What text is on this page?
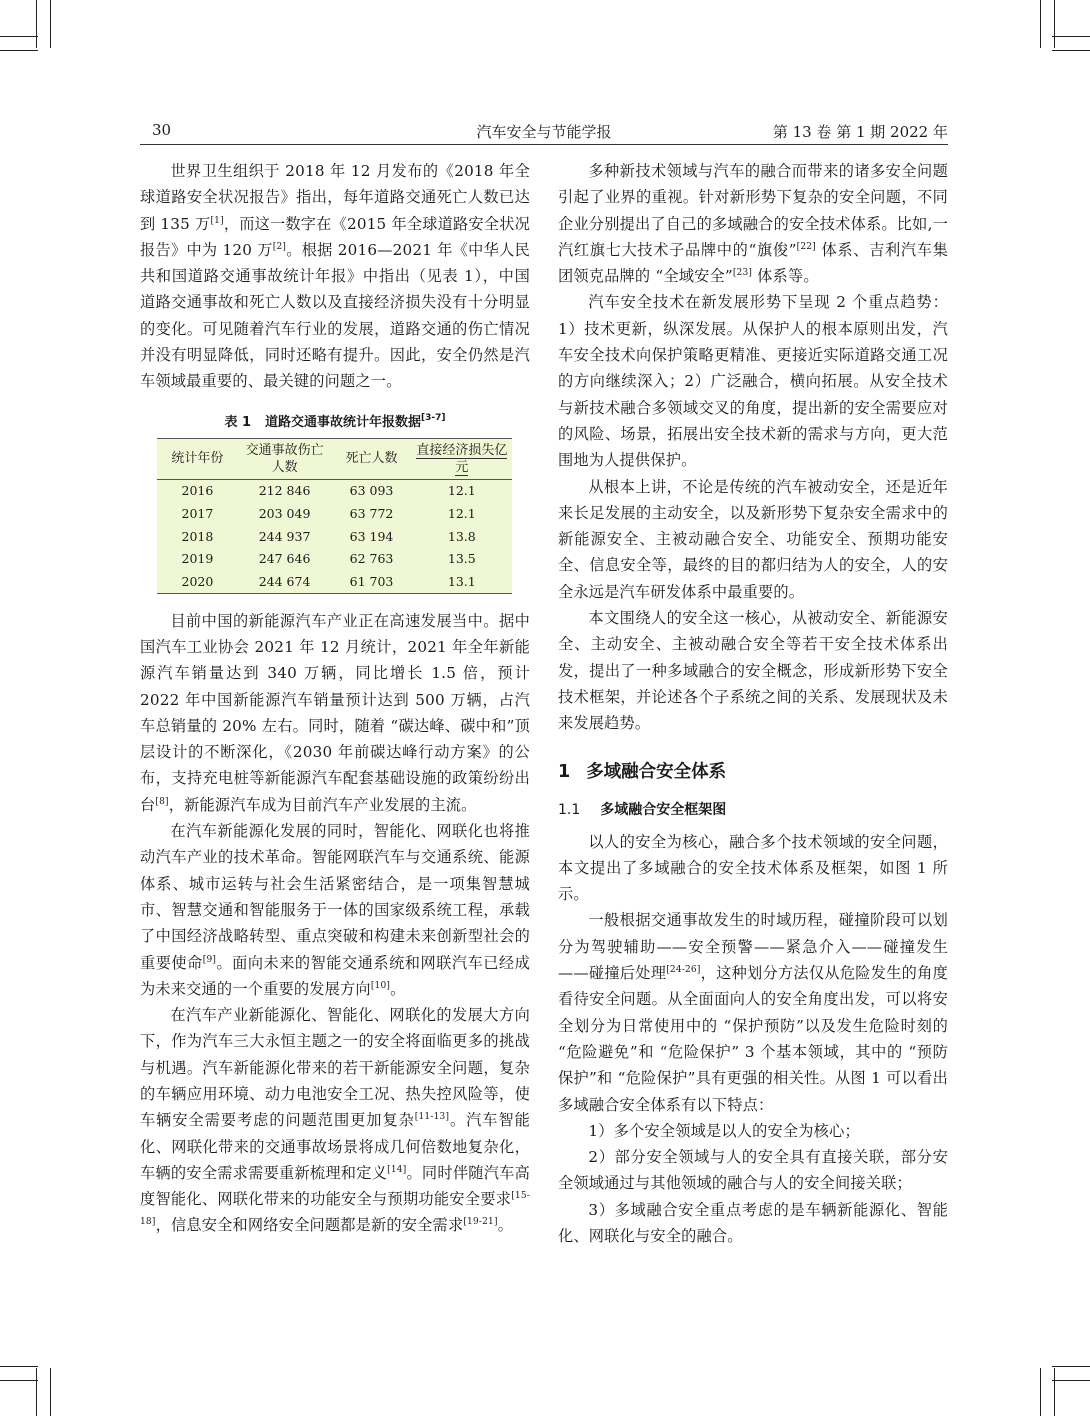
30	汽车安全与节能学报	第 13 卷 第 1 期 2022 年

世界卫生组织于 2018 年 12 月发布的《2018 年全球道路安全状况报告》指出，每年道路交通死亡人数已达到 135 万[1]，而这一数字在《2015 年全球道路安全状况报告》中为 120 万[2]。根据 2016—2021 年《中华人民共和国道路交通事故统计年报》中指出（见表 1），中国道路交通事故和死亡人数以及直接经济损失没有十分明显的变化。可见随着汽车行业的发展，道路交通的伤亡情况并没有明显降低，同时还略有提升。因此，安全仍然是汽车领域最重要的、最关键的问题之一。

表 1 道路交通事故统计年报数据[3-7]
统计年份	交通事故伤亡人数	死亡人数	直接经济损失亿元
2016	212 846	63 093	12.1
2017	203 049	63 772	12.1
2018	244 937	63 194	13.8
2019	247 646	62 763	13.5
2020	244 674	61 703	13.1

目前中国的新能源汽车产业正在高速发展当中。据中国汽车工业协会 2021 年 12 月统计，2021 年全年新能源汽车销量达到 340 万辆，同比增长 1.5 倍，预计 2022 年中国新能源汽车销量预计达到 500 万辆，占汽车总销量的 20% 左右。同时，随着 “碳达峰、碳中和”顶层设计的不断深化，《2030 年前碳达峰行动方案》的公布，支持充电桩等新能源汽车配套基础设施的政策纷纷出台[8]，新能源汽车成为目前汽车产业发展的主流。

在汽车新能源化发展的同时，智能化、网联化也将推动汽车产业的技术革命。智能网联汽车与交通系统、能源体系、城市运转与社会生活紧密结合，是一项集智慧城市、智慧交通和智能服务于一体的国家级系统工程，承载了中国经济战略转型、重点突破和构建未来创新型社会的重要使命[9]。面向未来的智能交通系统和网联汽车已经成为未来交通的一个重要的发展方向[10]。

在汽车产业新能源化、智能化、网联化的发展大方向下，作为汽车三大永恒主题之一的安全将面临更多的挑战与机遇。汽车新能源化带来的若干新能源安全问题，复杂的车辆应用环境、动力电池安全工况、热失控风险等，使车辆安全需要考虑的问题范围更加复杂[11-13]。汽车智能化、网联化带来的交通事故场景将成几何倍数地复杂化，车辆的安全需求需要重新梳理和定义[14]。同时伴随汽车高度智能化、网联化带来的功能安全与预期功能安全要求[15-18]，信息安全和网络安全问题都是新的安全需求[19-21]。

多种新技术领域与汽车的融合而带来的诸多安全问题引起了业界的重视。针对新形势下复杂的安全问题，不同企业分别提出了自己的多域融合的安全技术体系。比如,一汽红旗七大技术子品牌中的“旗俊”[22] 体系、吉利汽车集团领克品牌的 “全域安全”[23] 体系等。

汽车安全技术在新发展形势下呈现 2 个重点趋势：1）技术更新，纵深发展。从保护人的根本原则出发，汽车安全技术向保护策略更精准、更接近实际道路交通工况的方向继续深入；2）广泛融合，横向拓展。从安全技术与新技术融合多领域交叉的角度，提出新的安全需要应对的风险、场景，拓展出安全技术新的需求与方向，更大范围地为人提供保护。

从根本上讲，不论是传统的汽车被动安全，还是近年来长足发展的主动安全，以及新形势下复杂安全需求中的新能源安全、主被动融合安全、功能安全、预期功能安全、信息安全等，最终的目的都归结为人的安全，人的安全永远是汽车研发体系中最重要的。

本文围绕人的安全这一核心，从被动安全、新能源安全、主动安全、主被动融合安全等若干安全技术体系出发，提出了一种多域融合的安全概念，形成新形势下安全技术框架，并论述各个子系统之间的关系、发展现状及未来发展趋势。

1 多域融合安全体系
1.1 多域融合安全框架图

以人的安全为核心，融合多个技术领域的安全问题，本文提出了多域融合的安全技术体系及框架，如图 1 所示。

一般根据交通事故发生的时域历程，碰撞阶段可以划分为驾驶辅助——安全预警——紧急介入——碰撞发生——碰撞后处理[24-26]，这种划分方法仅从危险发生的角度看待安全问题。从全面面向人的安全角度出发，可以将安全划分为日常使用中的 “保护预防”以及发生危险时刻的 “危险避免”和 “危险保护” 3 个基本领域，其中的 “预防保护”和 “危险保护”具有更强的相关性。从图 1 可以看出多域融合安全体系有以下特点：

1）多个安全领域是以人的安全为核心；

2）部分安全领域与人的安全具有直接关联，部分安全领域通过与其他领域的融合与人的安全间接关联；

3）多域融合安全重点考虑的是车辆新能源化、智能化、网联化与安全的融合。
